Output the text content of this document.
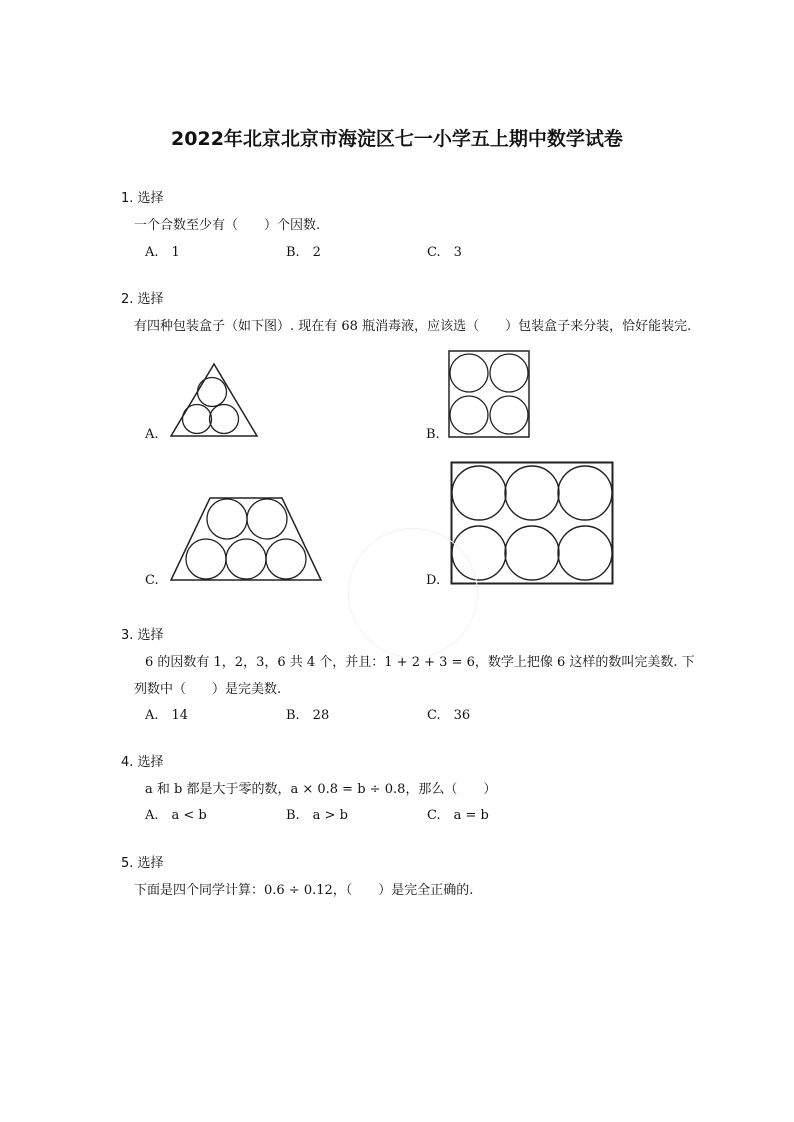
2022年北京北京市海淀区七一小学五上期中数学试卷
1. 选择
一个合数至少有（　　）个因数.
A.　1	B.　2	C.　3
2. 选择
有四种包装盒子（如下图）. 现在有 68 瓶消毒液，应该选（　　）包装盒子来分装，恰好能装完.
A.	B.
C.	D.
3. 选择
6 的因数有 1，2，3，6 共 4 个，并且：1 + 2 + 3 = 6，数学上把像 6 这样的数叫完美数. 下
列数中（　　）是完美数.
A.　14	B.　28	C.　36
4. 选择
a 和 b 都是大于零的数，a × 0.8 = b ÷ 0.8，那么（　　）
A.　a < b	B.　a > b	C.　a = b
5. 选择
下面是四个同学计算：0.6 ÷ 0.12，（　　）是完全正确的.
